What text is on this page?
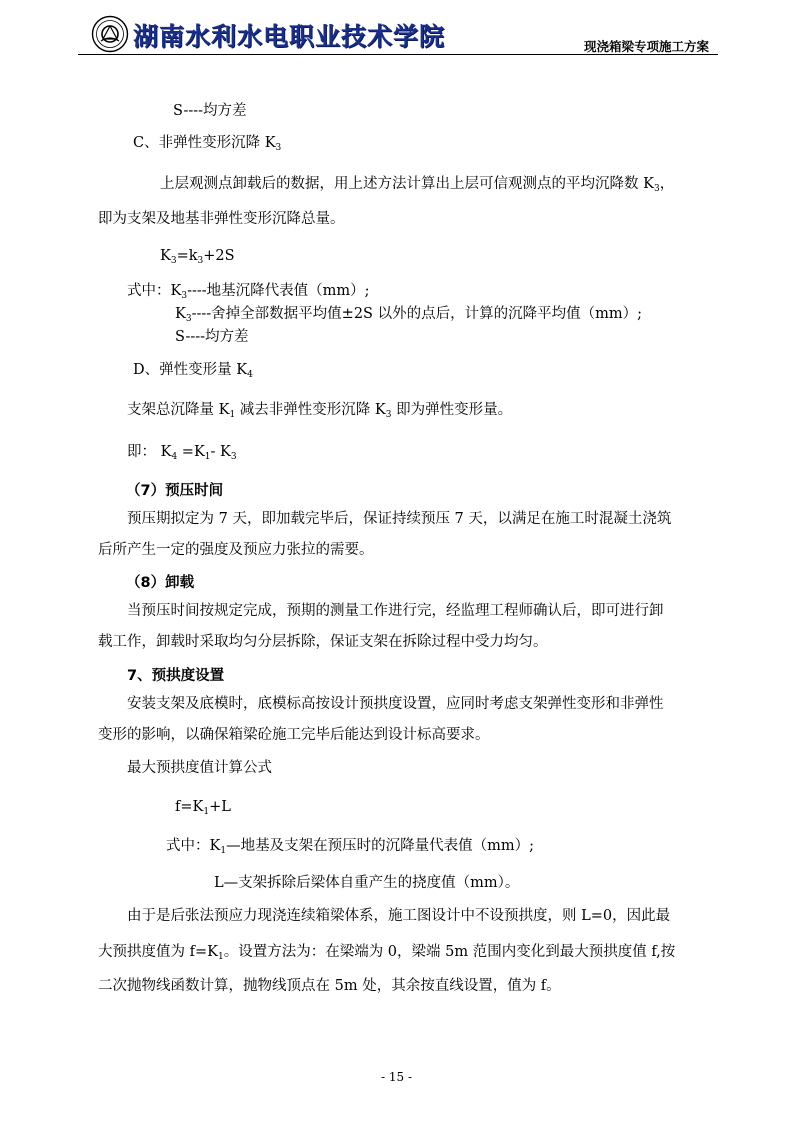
湖南水利水电职业技术学院	现浇箱梁专项施工方案
S----均方差
C、非弹性变形沉降 $K_3$
上层观测点卸载后的数据，用上述方法计算出上层可信观测点的平均沉降数 $K_3$，
即为支架及地基非弹性变形沉降总量。
$K_3=k_3+2S$
式中：$K_3----$地基沉降代表值（mm）;
$K_3----$舍掉全部数据平均值±2S 以外的点后，计算的沉降平均值（mm）;
S----均方差
D、弹性变形量 $K_4$
支架总沉降量 $K_1$ 减去非弹性变形沉降 $K_3$ 即为弹性变形量。
即： $K_4 =K_1-$ $K_3$
（7）预压时间
预压期拟定为 7 天，即加载完毕后，保证持续预压 7 天，以满足在施工时混凝土浇筑
后所产生一定的强度及预应力张拉的需要。
（8）卸载
当预压时间按规定完成，预期的测量工作进行完，经监理工程师确认后，即可进行卸
载工作，卸载时采取均匀分层拆除，保证支架在拆除过程中受力均匀。
7、预拱度设置
安装支架及底模时，底模标高按设计预拱度设置，应同时考虑支架弹性变形和非弹性
变形的影响，以确保箱梁砼施工完毕后能达到设计标高要求。
最大预拱度值计算公式
$f=K_1+L$
式中：$K_1—$地基及支架在预压时的沉降量代表值（mm）;
L—支架拆除后梁体自重产生的挠度值（mm）。
由于是后张法预应力现浇连续箱梁体系，施工图设计中不设预拱度，则 L=0，因此最
大预拱度值为 $f=K_1$。设置方法为：在梁端为 0，梁端 5m 范围内变化到最大预拱度值 f,按
二次抛物线函数计算，抛物线顶点在 5m 处，其余按直线设置，值为 f。
- 15 -
